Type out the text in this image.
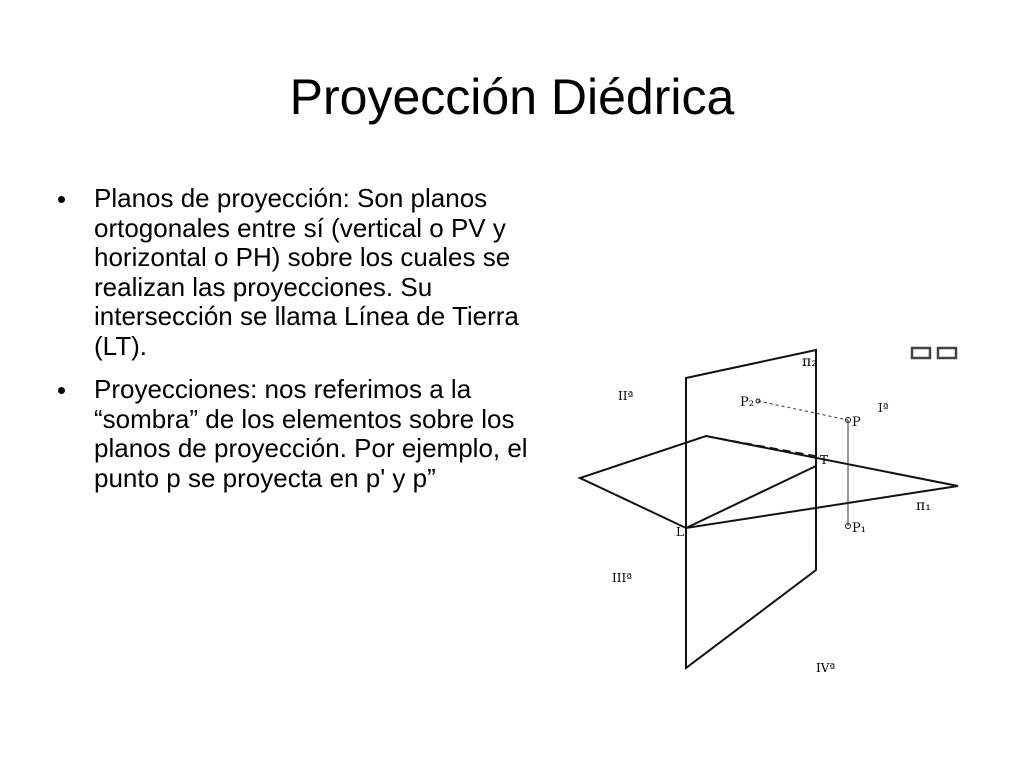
Proyección Diédrica
Planos de proyección: Son planos ortogonales entre sí (vertical o PV y horizontal o PH) sobre los cuales se realizan las proyecciones. Su intersección se llama Línea de Tierra (LT).
Proyecciones: nos referimos a la “sombra” de los elementos sobre los planos de proyección. Por ejemplo, el punto p se proyecta en p' y p”
π₂
π₁
P₂
P
P₁
T
L
Iª
IIª
IIIª
IVª
